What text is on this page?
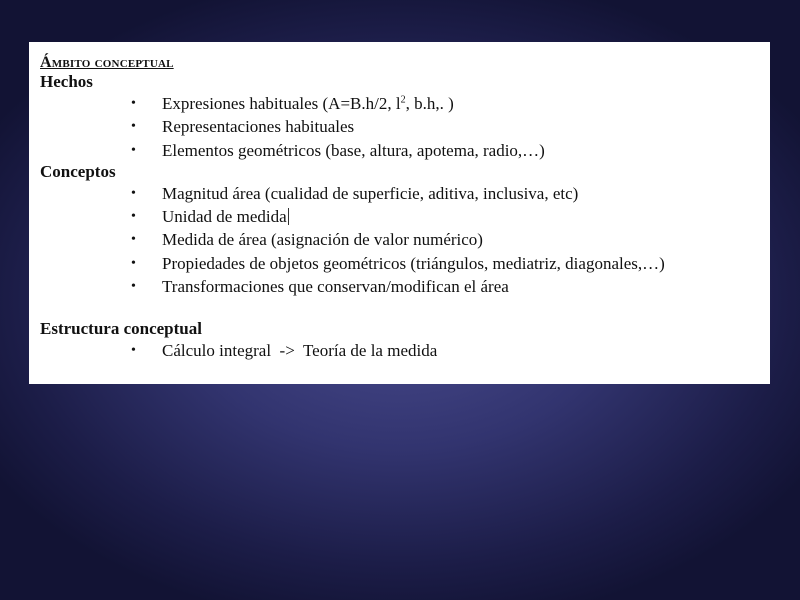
Ámbito conceptual
Hechos
• Expresiones habituales (A=B.h/2, $l^2$, b.h,. )
• Representaciones habituales
• Elementos geométricos (base, altura, apotema, radio,…)
Conceptos
• Magnitud área (cualidad de superficie, aditiva, inclusiva, etc)
• Unidad de medida
• Medida de área (asignación de valor numérico)
• Propiedades de objetos geométricos (triángulos, mediatriz, diagonales,…)
• Transformaciones que conservan/modifican el área
Estructura conceptual
• Cálculo integral  ->  Teoría de la medida
